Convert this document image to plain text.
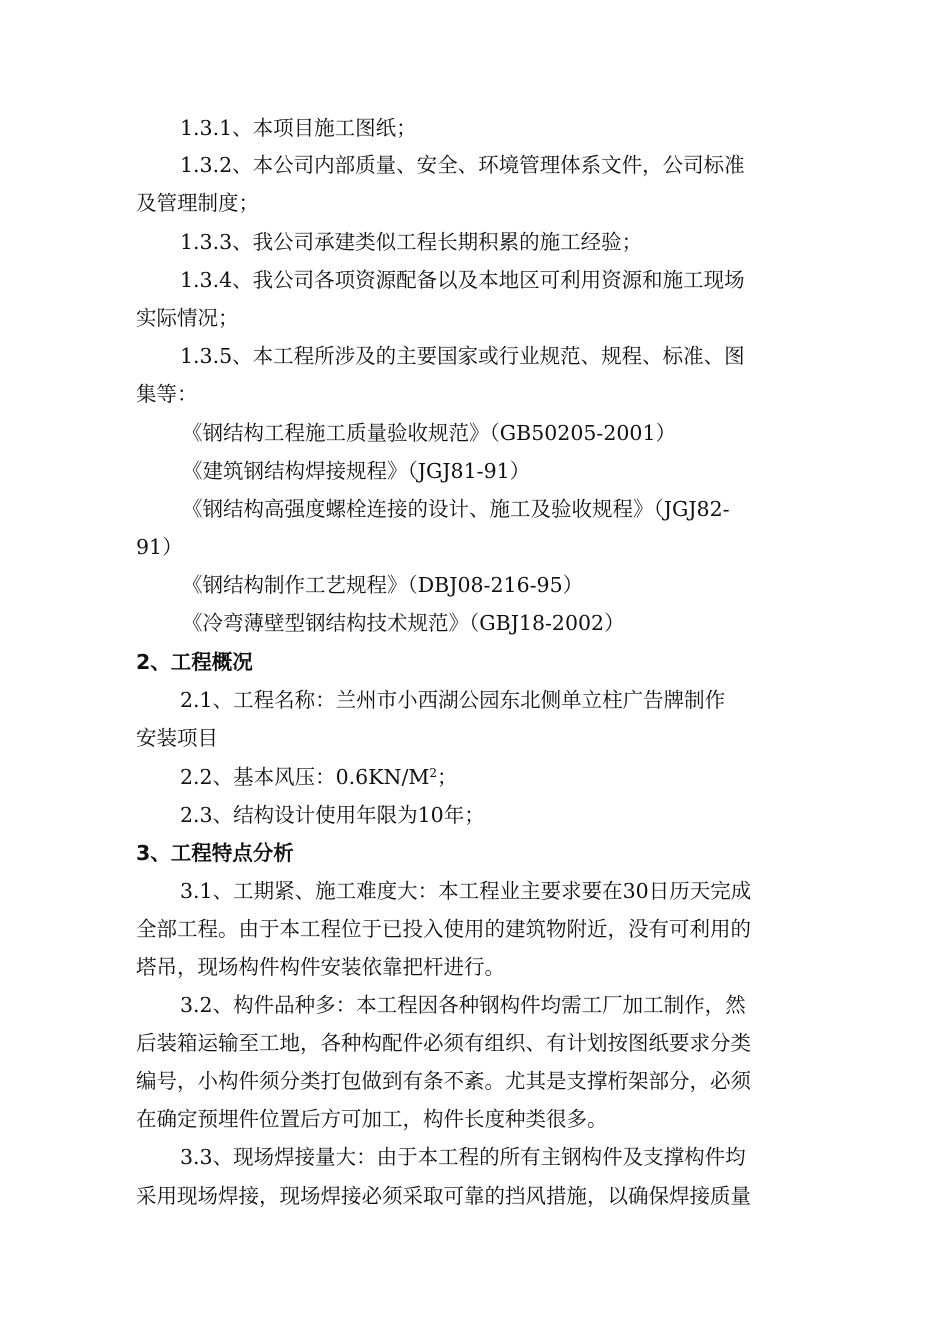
1.3.1、本项目施工图纸；
1.3.2、本公司内部质量、安全、环境管理体系文件，公司标准
及管理制度；
1.3.3、我公司承建类似工程长期积累的施工经验；
1.3.4、我公司各项资源配备以及本地区可利用资源和施工现场
实际情况；
1.3.5、本工程所涉及的主要国家或行业规范、规程、标准、图
集等：
《钢结构工程施工质量验收规范》（GB50205-2001）
《建筑钢结构焊接规程》（JGJ81-91）
《钢结构高强度螺栓连接的设计、施工及验收规程》（JGJ82-
91）
《钢结构制作工艺规程》（DBJ08-216-95）
《冷弯薄壁型钢结构技术规范》（GBJ18-2002）
2、工程概况
2.1、工程名称：兰州市小西湖公园东北侧单立柱广告牌制作
安装项目
2.2、基本风压：$0.6KN/M^2$；
2.3、结构设计使用年限为10年；
3、工程特点分析
3.1、工期紧、施工难度大：本工程业主要求要在30日历天完成
全部工程。由于本工程位于已投入使用的建筑物附近，没有可利用的
塔吊，现场构件构件安装依靠把杆进行。
3.2、构件品种多：本工程因各种钢构件均需工厂加工制作，然
后装箱运输至工地，各种构配件必须有组织、有计划按图纸要求分类
编号，小构件须分类打包做到有条不紊。尤其是支撑桁架部分，必须
在确定预埋件位置后方可加工，构件长度种类很多。
3.3、现场焊接量大：由于本工程的所有主钢构件及支撑构件均
采用现场焊接，现场焊接必须采取可靠的挡风措施，以确保焊接质量
